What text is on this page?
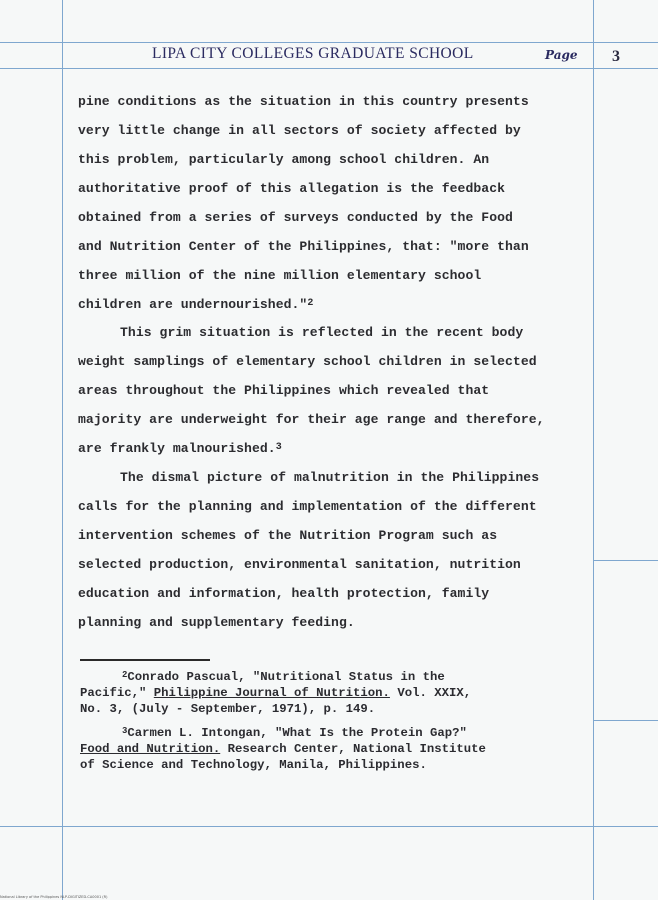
LIPA CITY COLLEGES GRADUATE SCHOOL	Page 3
pine conditions as the situation in this country presents
very little change in all sectors of society affected by
this problem, particularly among school children. An
authoritative proof of this allegation is the feedback
obtained from a series of surveys conducted by the Food
and Nutrition Center of the Philippines, that: "more than
three million of the nine million elementary school
children are undernourished."$^2$
This grim situation is reflected in the recent body
weight samplings of elementary school children in selected
areas throughout the Philippines which revealed that
majority are underweight for their age range and therefore,
are frankly malnourished.$^3$
The dismal picture of malnutrition in the Philippines
calls for the planning and implementation of the different
intervention schemes of the Nutrition Program such as
selected production, environmental sanitation, nutrition
education and information, health protection, family
planning and supplementary feeding.
$^2$Conrado Pascual, "Nutritional Status in the
Pacific," Philippine Journal of Nutrition. Vol. XXIX,
No. 3, (July - September, 1971), p. 149.
$^3$Carmen L. Intongan, "What Is the Protein Gap?"
Food and Nutrition. Research Center, National Institute
of Science and Technology, Manila, Philippines.
National Library of the Philippines NLP-DIGITIZED-CA0001 (R)
